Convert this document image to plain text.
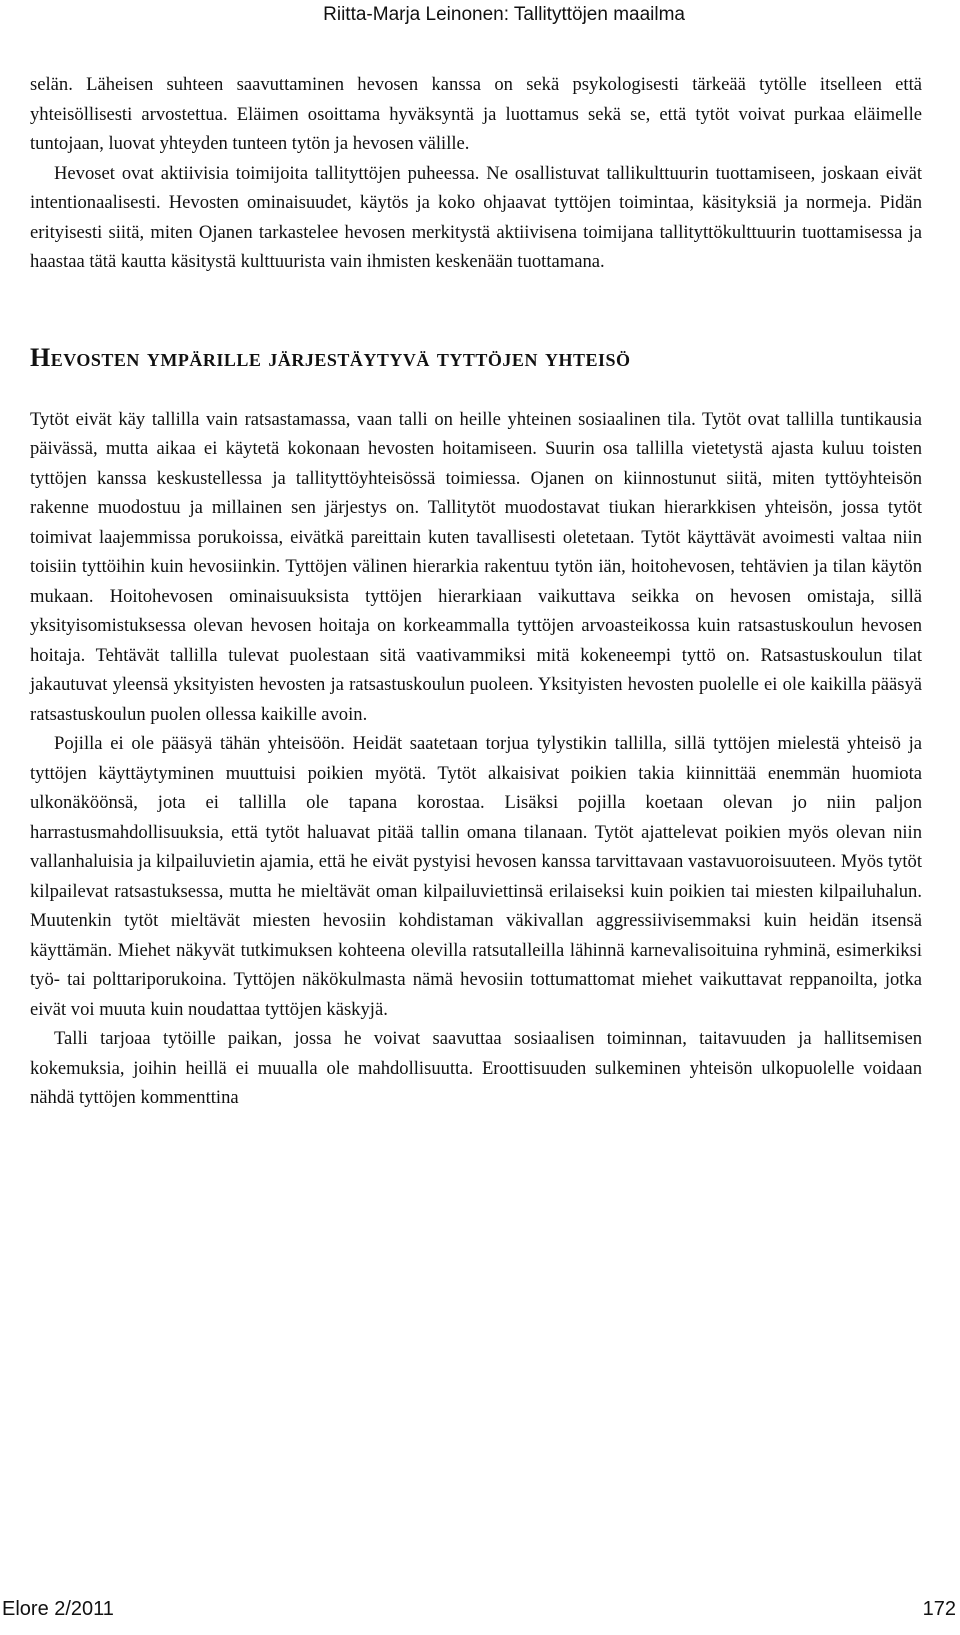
Riitta-Marja Leinonen: Tallityttöjen maailma

selän. Läheisen suhteen saavuttaminen hevosen kanssa on sekä psykologisesti tärkeää tytölle itselleen että yhteisöllisesti arvostettua. Eläimen osoittama hyväksyntä ja luottamus sekä se, että tytöt voivat purkaa eläimelle tuntojaan, luovat yhteyden tunteen tytön ja hevosen välille.

Hevoset ovat aktiivisia toimijoita tallityttöjen puheessa. Ne osallistuvat tallikulttuurin tuottamiseen, joskaan eivät intentionaalisesti. Hevosten ominaisuudet, käytös ja koko ohjaavat tyttöjen toimintaa, käsityksiä ja normeja. Pidän erityisesti siitä, miten Ojanen tarkastelee hevosen merkitystä aktiivisena toimijana tallityttökulttuurin tuottamisessa ja haastaa tätä kautta käsitystä kulttuurista vain ihmisten keskenään tuottamana.

Hevosten ympärille järjestäytyvä tyttöjen yhteisö

Tytöt eivät käy tallilla vain ratsastamassa, vaan talli on heille yhteinen sosiaalinen tila. Tytöt ovat tallilla tuntikausia päivässä, mutta aikaa ei käytetä kokonaan hevosten hoitamiseen. Suurin osa tallilla vietetystä ajasta kuluu toisten tyttöjen kanssa keskustellessa ja tallityttöyhteisössä toimiessa. Ojanen on kiinnostunut siitä, miten tyttöyhteisön rakenne muodostuu ja millainen sen järjestys on. Tallitytöt muodostavat tiukan hierarkkisen yhteisön, jossa tytöt toimivat laajemmissa porukoissa, eivätkä pareittain kuten tavallisesti oletetaan. Tytöt käyttävät avoimesti valtaa niin toisiin tyttöihin kuin hevosiinkin. Tyttöjen välinen hierarkia rakentuu tytön iän, hoitohevosen, tehtävien ja tilan käytön mukaan. Hoitohevosen ominaisuuksista tyttöjen hierarkiaan vaikuttava seikka on hevosen omistaja, sillä yksityisomistuksessa olevan hevosen hoitaja on korkeammalla tyttöjen arvoasteikossa kuin ratsastuskoulun hevosen hoitaja. Tehtävät tallilla tulevat puolestaan sitä vaativammiksi mitä kokeneempi tyttö on. Ratsastuskoulun tilat jakautuvat yleensä yksityisten hevosten ja ratsastuskoulun puoleen. Yksityisten hevosten puolelle ei ole kaikilla pääsyä ratsastuskoulun puolen ollessa kaikille avoin.

Pojilla ei ole pääsyä tähän yhteisöön. Heidät saatetaan torjua tylystikin tallilla, sillä tyttöjen mielestä yhteisö ja tyttöjen käyttäytyminen muuttuisi poikien myötä. Tytöt alkaisivat poikien takia kiinnittää enemmän huomiota ulkonäköönsä, jota ei tallilla ole tapana korostaa. Lisäksi pojilla koetaan olevan jo niin paljon harrastusmahdollisuuksia, että tytöt haluavat pitää tallin omana tilanaan. Tytöt ajattelevat poikien myös olevan niin vallanhaluisia ja kilpailuvietin ajamia, että he eivät pystyisi hevosen kanssa tarvittavaan vastavuoroisuuteen. Myös tytöt kilpailevat ratsastuksessa, mutta he mieltävät oman kilpailuviettinsä erilaiseksi kuin poikien tai miesten kilpailuhalun. Muutenkin tytöt mieltävät miesten hevosiin kohdistaman väkivallan aggressiivisemmaksi kuin heidän itsensä käyttämän. Miehet näkyvät tutkimuksen kohteena olevilla ratsutalleilla lähinnä karnevalisoituina ryhminä, esimerkiksi työ- tai polttariporukoina. Tyttöjen näkökulmasta nämä hevosiin tottumattomat miehet vaikuttavat reppanoilta, jotka eivät voi muuta kuin noudattaa tyttöjen käskyjä.

Talli tarjoaa tytöille paikan, jossa he voivat saavuttaa sosiaalisen toiminnan, taitavuuden ja hallitsemisen kokemuksia, joihin heillä ei muualla ole mahdollisuutta. Eroottisuuden sulkeminen yhteisön ulkopuolelle voidaan nähdä tyttöjen kommenttina

Elore 2/2011	172
